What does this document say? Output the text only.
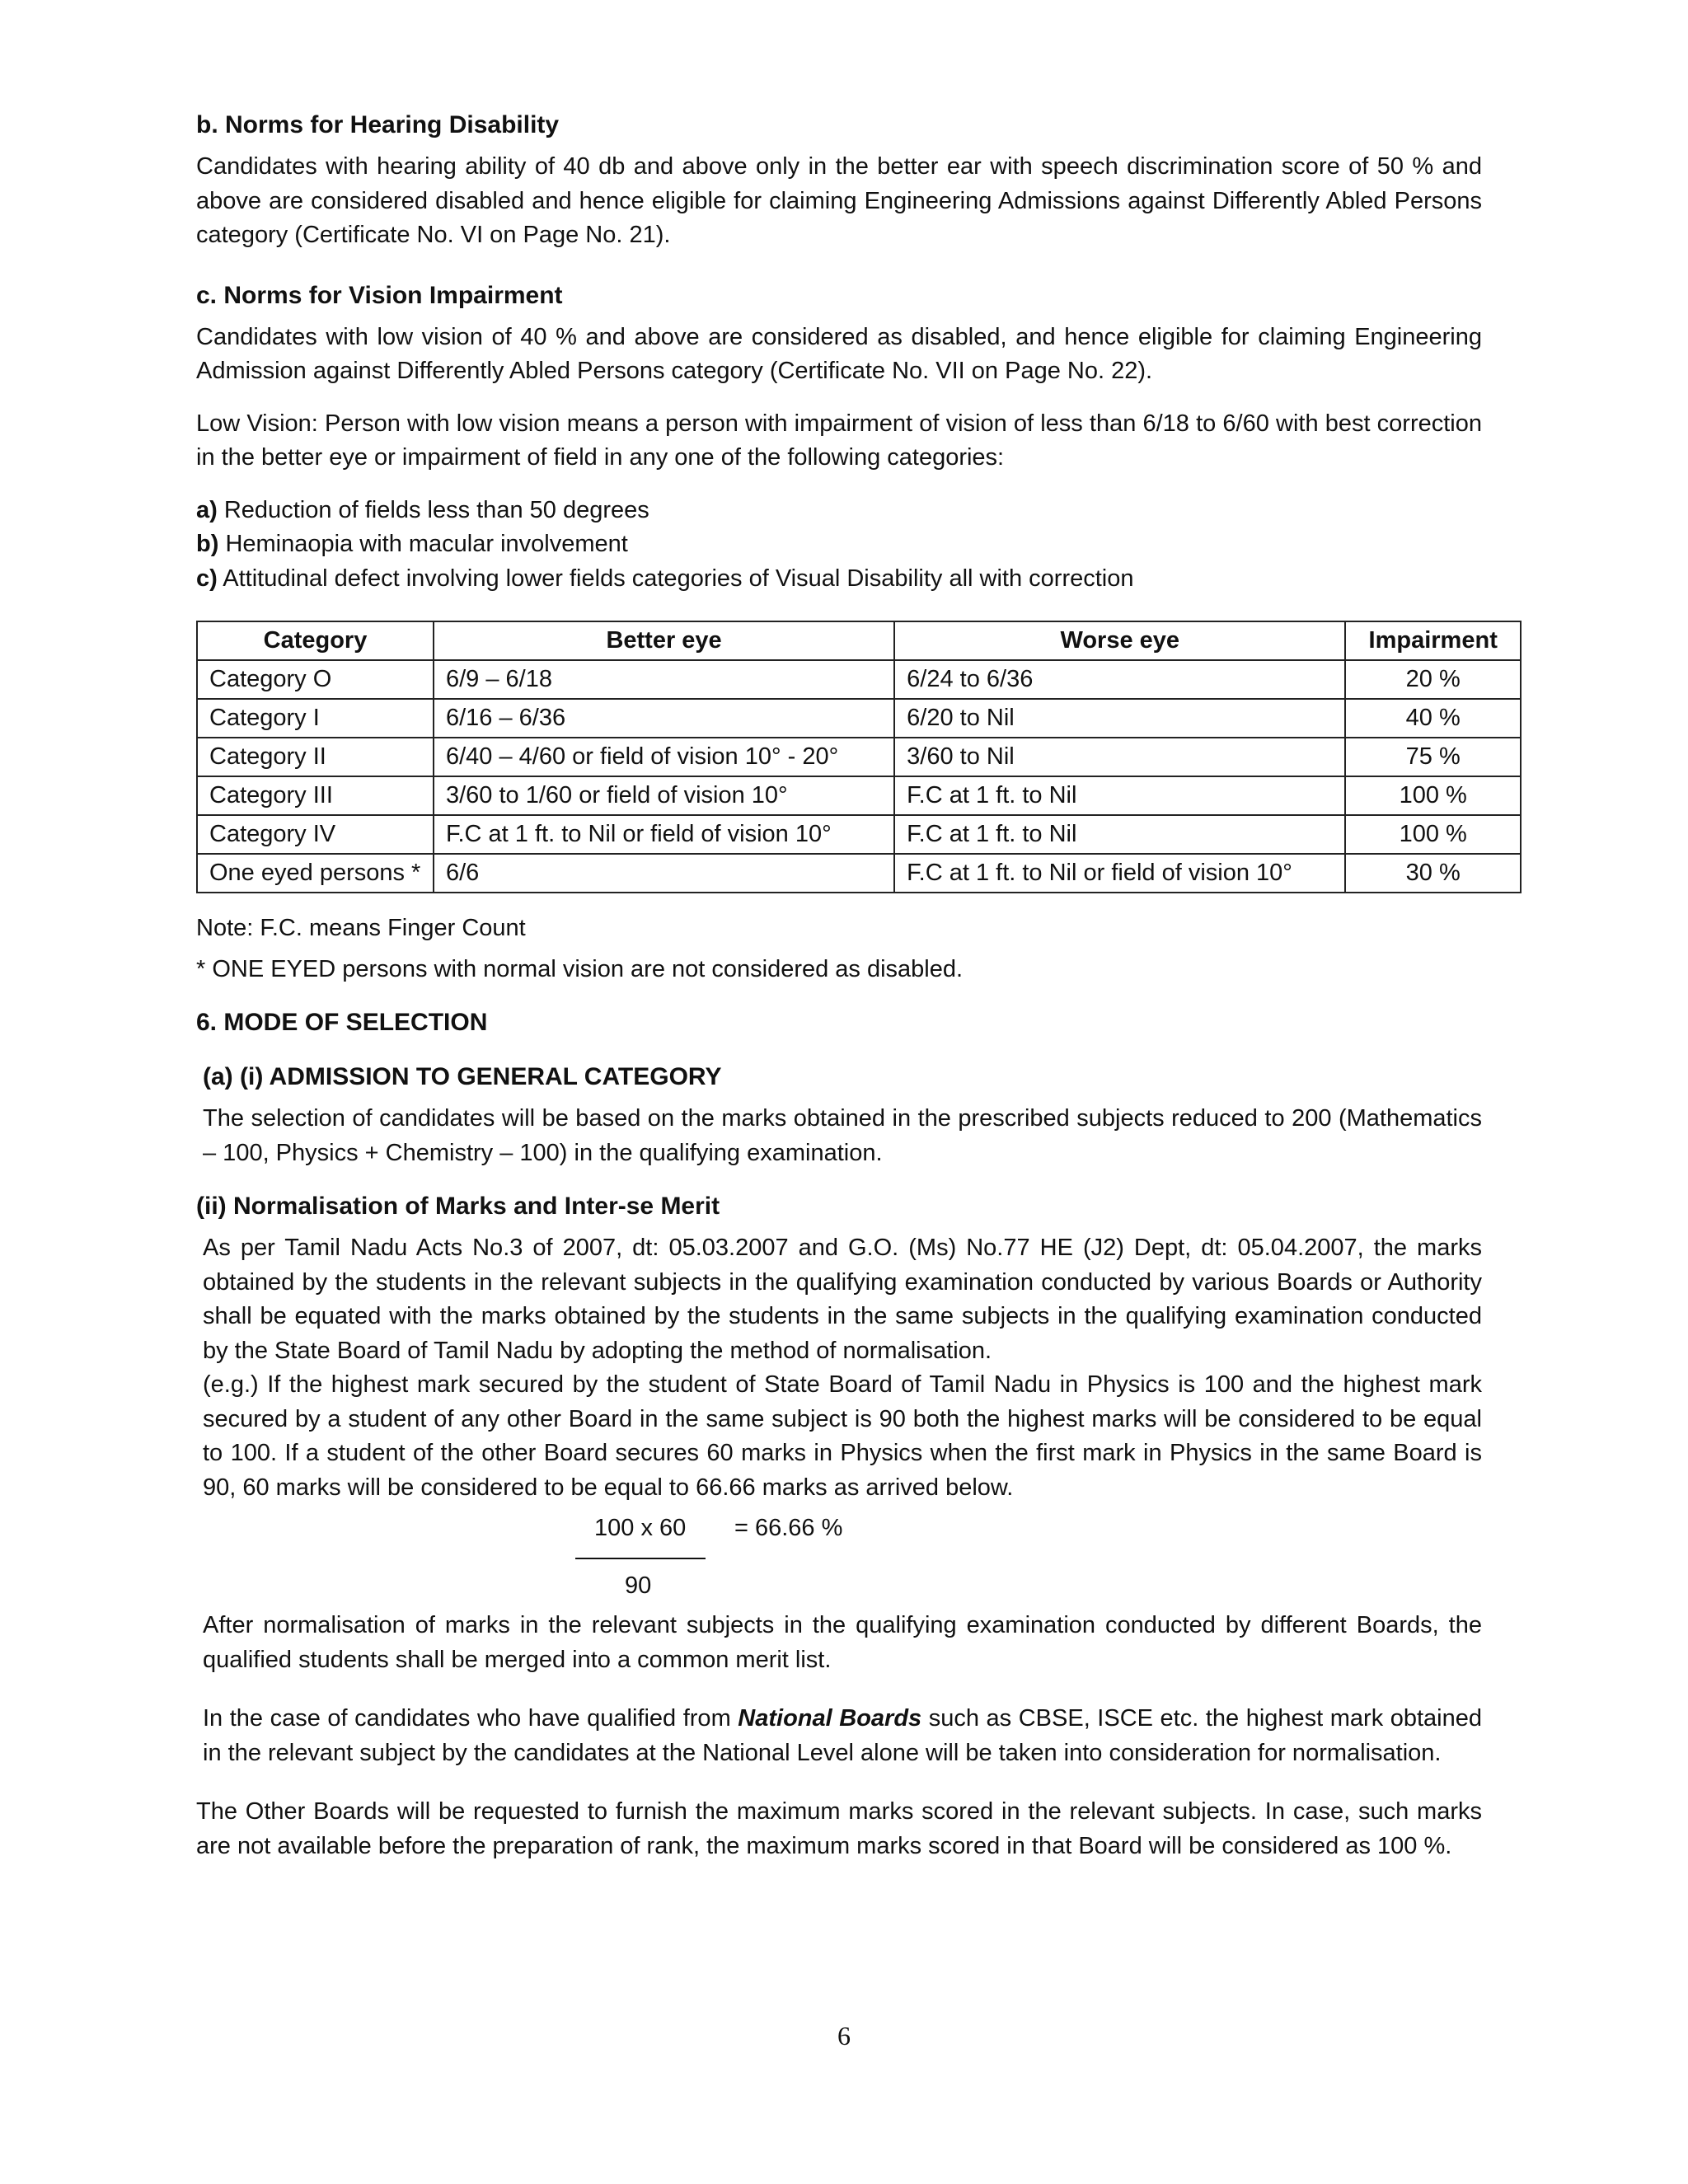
b. Norms for Hearing Disability

Candidates with hearing ability of 40 db and above only in the better ear with speech discrimination score of 50 % and above are considered disabled and hence eligible for claiming Engineering Admissions against Differently Abled Persons category (Certificate No. VI on Page No. 21).

c. Norms for Vision Impairment

Candidates with low vision of 40 % and above are considered as disabled, and hence eligible for claiming Engineering Admission against Differently Abled Persons category (Certificate No. VII on Page No. 22).

Low Vision: Person with low vision means a person with impairment of vision of less than 6/18 to 6/60 with best correction in the better eye or impairment of field in any one of the following categories:

a) Reduction of fields less than 50 degrees
b) Heminaopia with macular involvement
c) Attitudinal defect involving lower fields categories of Visual Disability all with correction
Category	Better eye	Worse eye	Impairment
Category O	6/9 – 6/18	6/24 to 6/36	20 %
Category I	6/16 – 6/36	6/20 to Nil	40 %
Category II	6/40 – 4/60 or field of vision 10° - 20°	3/60 to Nil	75 %
Category III	3/60 to 1/60 or field of vision 10°	F.C at 1 ft. to Nil	100 %
Category IV	F.C at 1 ft. to Nil or field of vision 10°	F.C at 1 ft. to Nil	100 %
One eyed persons *	6/6	F.C at 1 ft. to Nil or field of vision 10°	30 %

Note: F.C. means Finger Count

* ONE EYED persons with normal vision are not considered as disabled.

6. MODE OF SELECTION
(a) (i) ADMISSION TO GENERAL CATEGORY

The selection of candidates will be based on the marks obtained in the prescribed subjects reduced to 200 (Mathematics – 100, Physics + Chemistry – 100) in the qualifying examination.

(ii) Normalisation of Marks and Inter-se Merit

As per Tamil Nadu Acts No.3 of 2007, dt: 05.03.2007 and G.O. (Ms) No.77 HE (J2) Dept, dt: 05.04.2007, the marks obtained by the students in the relevant subjects in the qualifying examination conducted by various Boards or Authority shall be equated with the marks obtained by the students in the same subjects in the qualifying examination conducted by the State Board of Tamil Nadu by adopting the method of normalisation.

(e.g.) If the highest mark secured by the student of State Board of Tamil Nadu in Physics is 100 and the highest mark secured by a student of any other Board in the same subject is 90 both the highest marks will be considered to be equal to 100. If a student of the other Board secures 60 marks in Physics when the first mark in Physics in the same Board is 90, 60 marks will be considered to be equal to 66.66 marks as arrived below.

100 x 60 = 66.66 %
90

After normalisation of marks in the relevant subjects in the qualifying examination conducted by different Boards, the qualified students shall be merged into a common merit list.

In the case of candidates who have qualified from National Boards such as CBSE, ISCE etc. the highest mark obtained in the relevant subject by the candidates at the National Level alone will be taken into consideration for normalisation.

The Other Boards will be requested to furnish the maximum marks scored in the relevant subjects. In case, such marks are not available before the preparation of rank, the maximum marks scored in that Board will be considered as 100 %.

6
